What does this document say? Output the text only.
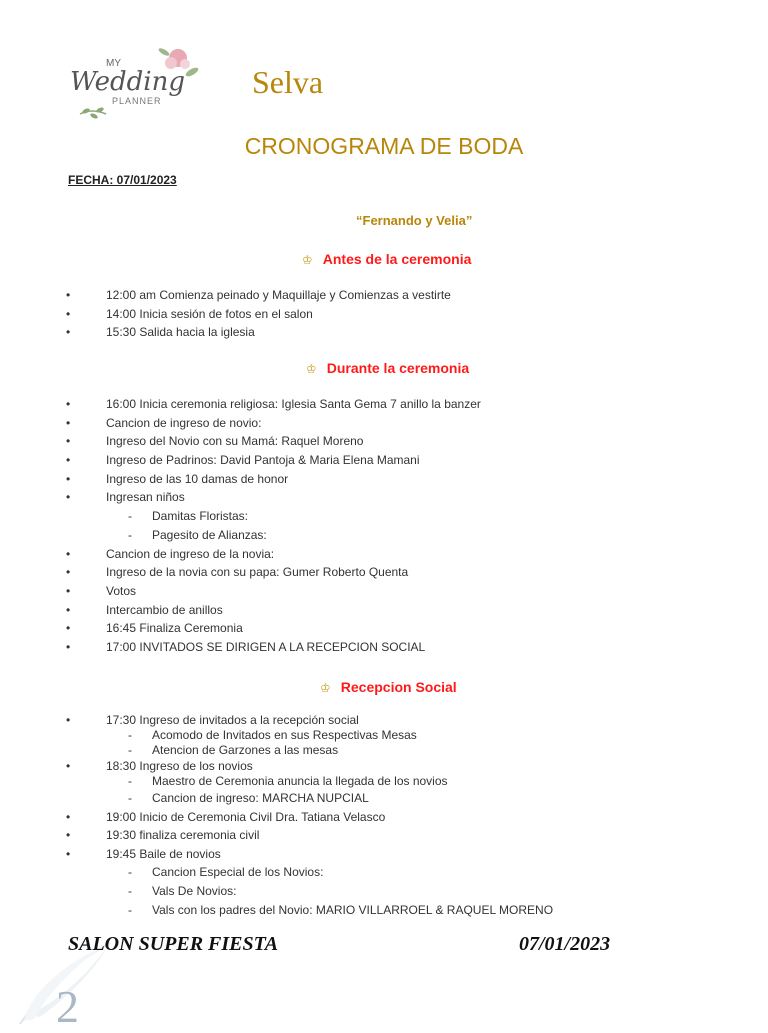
MY
Wedding
PLANNER
Selva
CRONOGRAMA DE BODA
FECHA: 07/01/2023
“Fernando y Velia”
♔ Antes de la ceremonia
• 12:00 am Comienza peinado y Maquillaje y Comienzas a vestirte
• 14:00 Inicia sesión de fotos en el salon
• 15:30 Salida hacia la iglesia
♔ Durante la ceremonia
• 16:00 Inicia ceremonia religiosa: Iglesia Santa Gema 7 anillo la banzer
• Cancion de ingreso de novio:
• Ingreso del Novio con su Mamá: Raquel Moreno
• Ingreso de Padrinos: David Pantoja & Maria Elena Mamani
• Ingreso de las 10 damas de honor
• Ingresan niños
- Damitas Floristas:
- Pagesito de Alianzas:
• Cancion de ingreso de la novia:
• Ingreso de la novia con su papa: Gumer Roberto Quenta
• Votos
• Intercambio de anillos
• 16:45 Finaliza Ceremonia
• 17:00 INVITADOS SE DIRIGEN A LA RECEPCION SOCIAL
♔ Recepcion Social
• 17:30 Ingreso de invitados a la recepción social
- Acomodo de Invitados en sus Respectivas Mesas
- Atencion de Garzones a las mesas
• 18:30 Ingreso de los novios
- Maestro de Ceremonia anuncia la llegada de los novios
- Cancion de ingreso: MARCHA NUPCIAL
• 19:00 Inicio de Ceremonia Civil Dra. Tatiana Velasco
• 19:30 finaliza ceremonia civil
• 19:45 Baile de novios
- Cancion Especial de los Novios:
- Vals De Novios:
- Vals con los padres del Novio: MARIO VILLARROEL & RAQUEL MORENO
2
SALON SUPER FIESTA	07/01/2023
